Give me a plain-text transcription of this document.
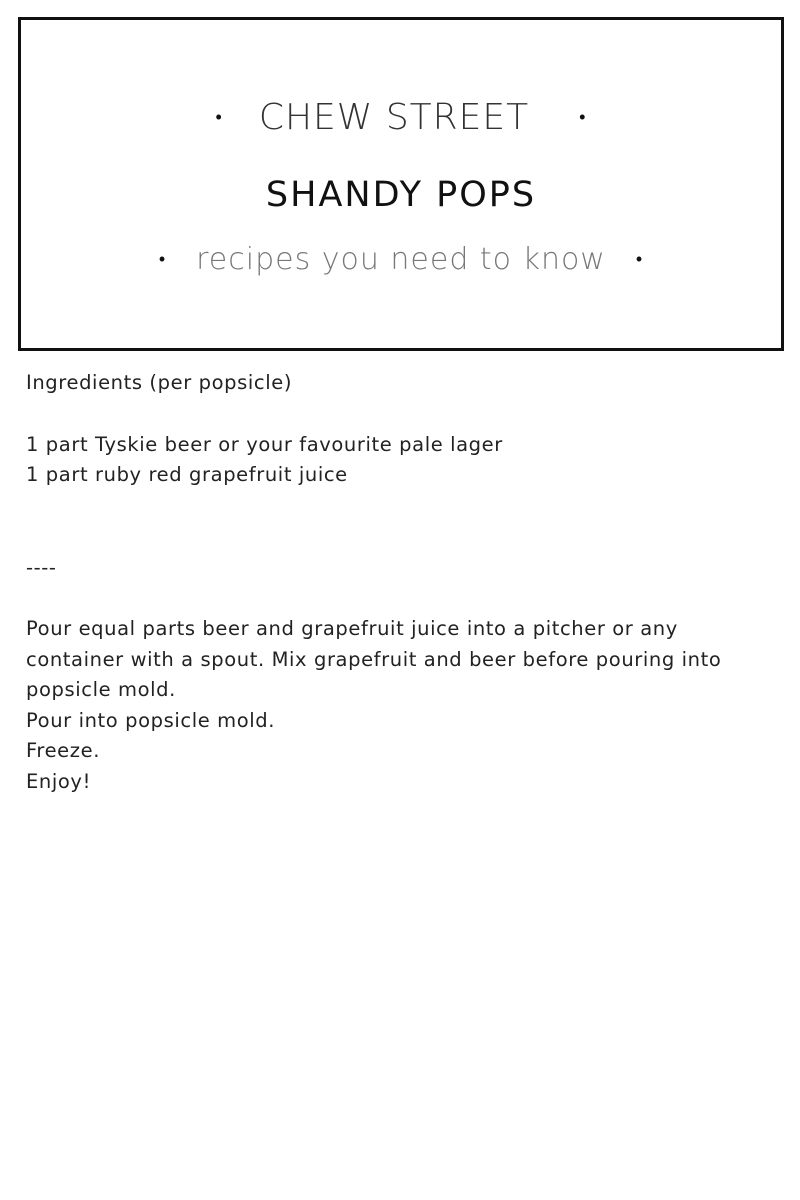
• CHEW STREET	•
SHANDY POPS
• recipes you need to know •

Ingredients (per popsicle)

1 part Tyskie beer or your favourite pale lager

1 part ruby red grapefruit juice

----

Pour equal parts beer and grapefruit juice into a pitcher or any container with a spout. Mix grapefruit and beer before pouring into popsicle mold.

Pour into popsicle mold.

Freeze.

Enjoy!
